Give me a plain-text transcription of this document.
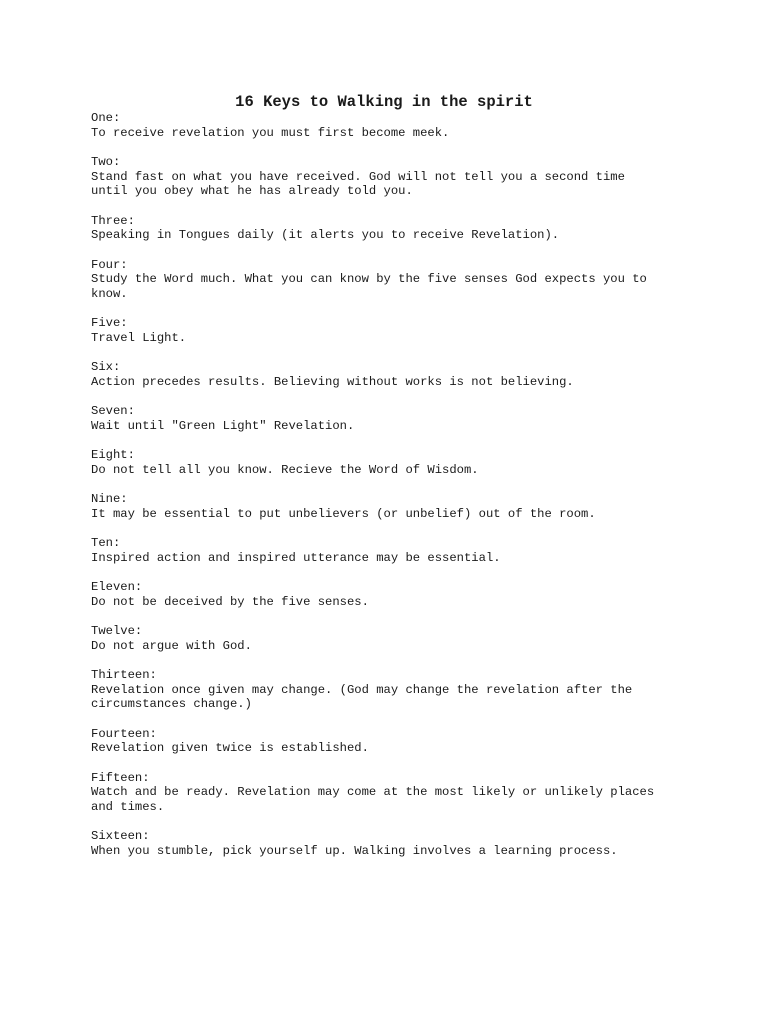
16 Keys to Walking in the spirit
One:
To receive revelation you must first become meek.
Two:
Stand fast on what you have received. God will not tell you a second time
until you obey what he has already told you.
Three:
Speaking in Tongues daily (it alerts you to receive Revelation).
Four:
Study the Word much. What you can know by the five senses God expects you to
know.
Five:
Travel Light.
Six:
Action precedes results. Believing without works is not believing.
Seven:
Wait until "Green Light" Revelation.
Eight:
Do not tell all you know. Recieve the Word of Wisdom.
Nine:
It may be essential to put unbelievers (or unbelief) out of the room.
Ten:
Inspired action and inspired utterance may be essential.
Eleven:
Do not be deceived by the five senses.
Twelve:
Do not argue with God.
Thirteen:
Revelation once given may change. (God may change the revelation after the
circumstances change.)
Fourteen:
Revelation given twice is established.
Fifteen:
Watch and be ready. Revelation may come at the most likely or unlikely places
and times.
Sixteen:
When you stumble, pick yourself up. Walking involves a learning process.
